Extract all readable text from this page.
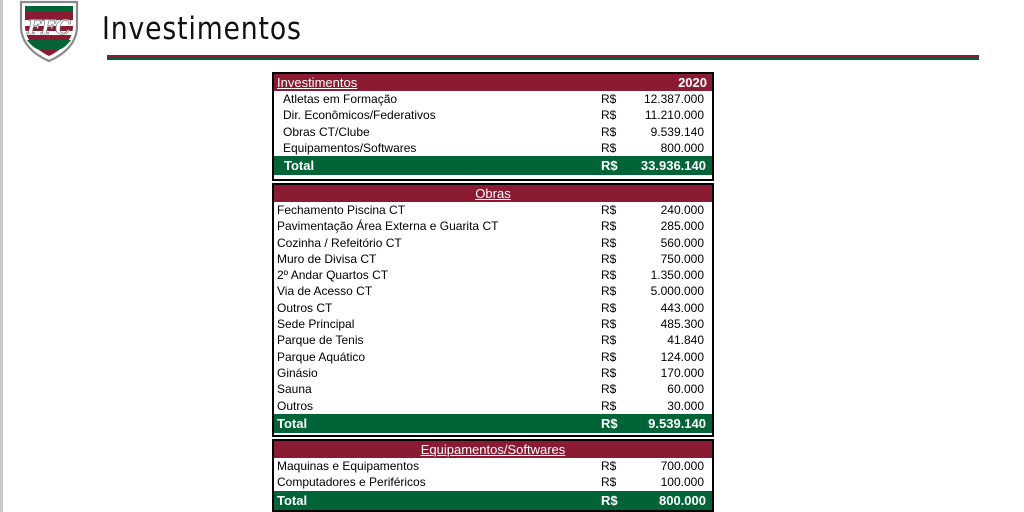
FFC Investimentos
Investimentos	2020
Atletas em Formação	R$ 12.387.000
Dir. Econômicos/Federativos	R$ 11.210.000
Obras CT/Clube	R$	9.539.140
Equipamentos/Softwares	R$	800.000
Total	R$ 33.936.140
Obras
Fechamento Piscina CT	R$	240.000
Pavimentação Área Externa e Guarita CT	R$	285.000
Cozinha / Refeitório CT	R$	560.000
Muro de Divisa CT	R$	750.000
2º Andar Quartos CT	R$	1.350.000
Via de Acesso CT	R$	5.000.000
Outros CT	R$	443.000
Sede Principal	R$	485.300
Parque de Tenis	R$	41.840
Parque Aquático	R$	124.000
Ginásio	R$	170.000
Sauna	R$	60.000
Outros	R$	30.000
Total	R$ 9.539.140
Equipamentos/Softwares
Maquinas e Equipamentos	R$	700.000
Computadores e Periféricos	R$	100.000
Total	R$	800.000
